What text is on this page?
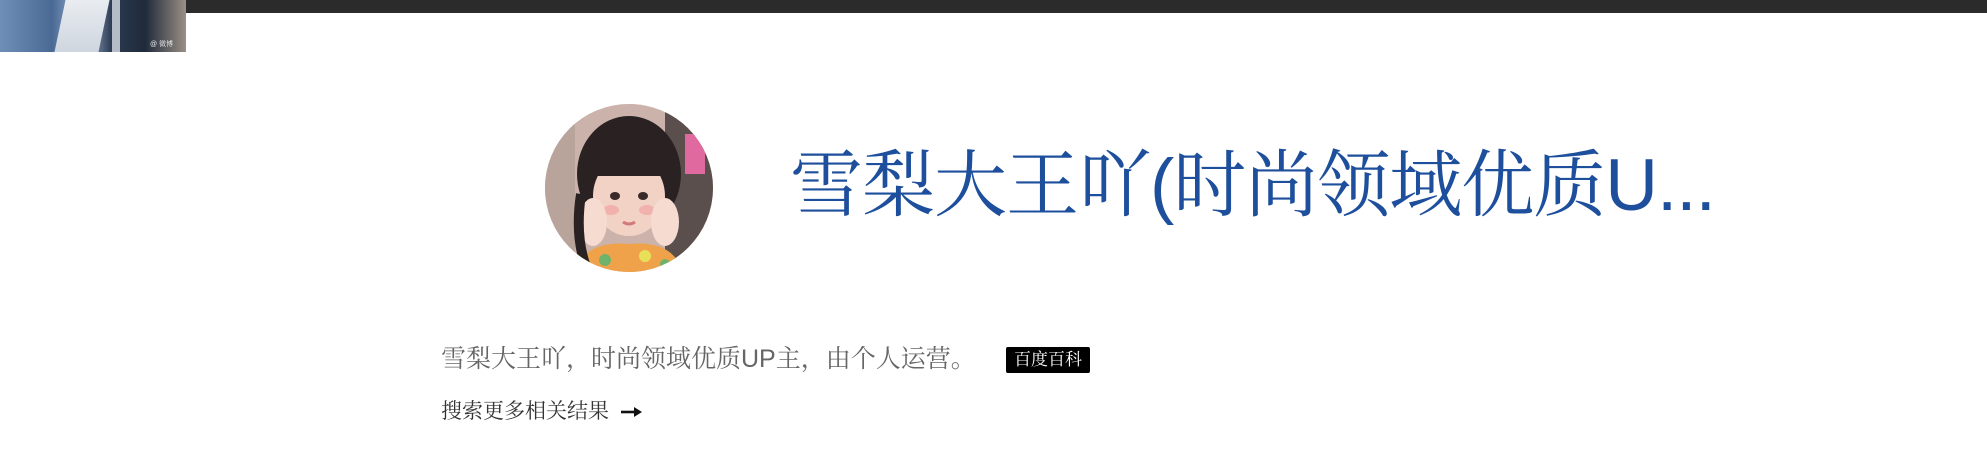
@ 微博
雪梨大王吖(时尚领域优质U...
雪梨大王吖，时尚领域优质UP主，由个人运营。	百度百科
搜索更多相关结果
